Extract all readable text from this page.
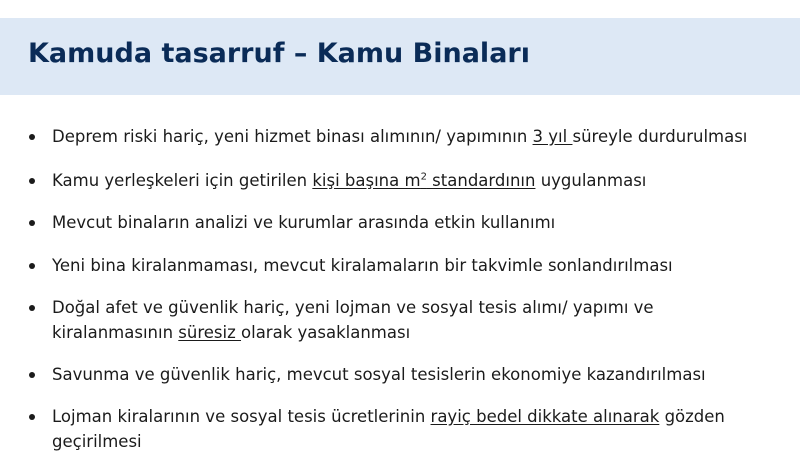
Kamuda tasarruf – Kamu Binaları
Deprem riski hariç, yeni hizmet binası alımının/ yapımının 3 yıl süreyle durdurulması
Kamu yerleşkeleri için getirilen kişi başına $m^2$ standardının uygulanması
Mevcut binaların analizi ve kurumlar arasında etkin kullanımı
Yeni bina kiralanmaması, mevcut kiralamaların bir takvimle sonlandırılması
Doğal afet ve güvenlik hariç, yeni lojman ve sosyal tesis alımı/ yapımı ve
kiralanmasının süresiz olarak yasaklanması
Savunma ve güvenlik hariç, mevcut sosyal tesislerin ekonomiye kazandırılması
Lojman kiralarının ve sosyal tesis ücretlerinin rayiç bedel dikkate alınarak gözden
geçirilmesi
